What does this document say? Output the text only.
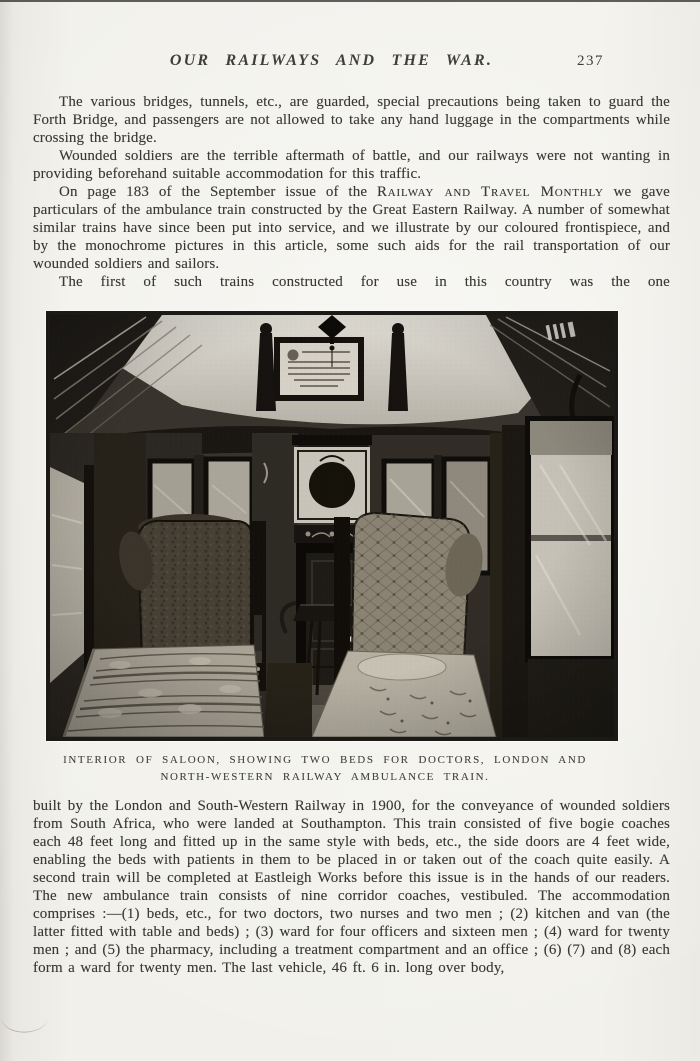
OUR RAILWAYS AND THE WAR.	237

The various bridges, tunnels, etc., are guarded, special precautions being taken to guard the Forth Bridge, and passengers are not allowed to take any hand luggage in the compartments while crossing the bridge.

Wounded soldiers are the terrible aftermath of battle, and our railways were not wanting in providing beforehand suitable accommodation for this traffic.

On page 183 of the September issue of the Railway and Travel Monthly we gave particulars of the ambulance train constructed by the Great Eastern Railway. A number of somewhat similar trains have since been put into service, and we illustrate by our coloured frontispiece, and by the monochrome pictures in this article, some such aids for the rail transportation of our wounded soldiers and sailors.

The first of such trains constructed for use in this country was the one

INTERIOR OF SALOON, SHOWING TWO BEDS FOR DOCTORS, LONDON AND
NORTH-WESTERN RAILWAY AMBULANCE TRAIN.

built by the London and South-Western Railway in 1900, for the conveyance of wounded soldiers from South Africa, who were landed at Southampton. This train consisted of five bogie coaches each 48 feet long and fitted up in the same style with beds, etc., the side doors are 4 feet wide, enabling the beds with patients in them to be placed in or taken out of the coach quite easily. A second train will be completed at Eastleigh Works before this issue is in the hands of our readers. The new ambulance train consists of nine corridor coaches, vestibuled. The accommodation comprises :—(1) beds, etc., for two doctors, two nurses and two men ; (2) kitchen and van (the latter fitted with table and beds) ; (3) ward for four officers and sixteen men ; (4) ward for twenty men ; and (5) the pharmacy, including a treatment compartment and an office ; (6) (7) and (8) each form a ward for twenty men. The last vehicle, 46 ft. 6 in. long over body,
